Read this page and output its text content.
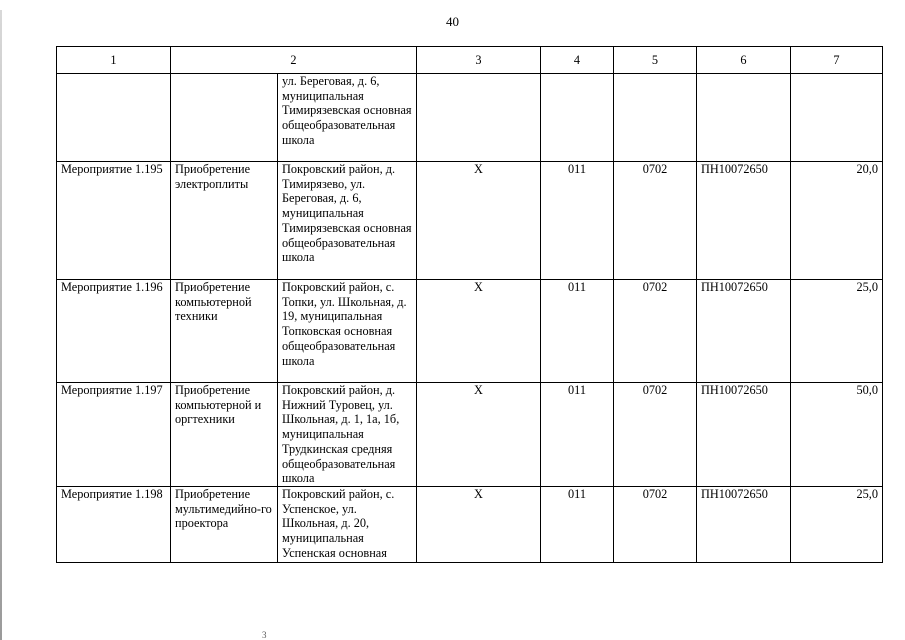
40
1	2		3	4	5	6	7
		ул. Береговая, д. 6, муниципальная Тимирязевская основная общеобразовательная школа					
Мероприятие 1.195	Приобретение электроплиты	Покровский район, д. Тимирязево, ул. Береговая, д. 6, муниципальная Тимирязевская основная общеобразовательная школа	Х	011	0702	ПН10072650	20,0
Мероприятие 1.196	Приобретение компьютерной техники	Покровский район, с. Топки, ул. Школьная, д. 19, муниципальная Топковская основная общеобразовательная школа	Х	011	0702	ПН10072650	25,0
Мероприятие 1.197	Приобретение компьютерной и оргтехники	Покровский район, д. Нижний Туровец, ул. Школьная, д. 1, 1а, 1б, муниципальная Трудкинская средняя общеобразовательная школа	Х	011	0702	ПН10072650	50,0
Мероприятие 1.198	Приобретение мультимедийно-го проектора	Покровский район, с. Успенское, ул. Школьная, д. 20, муниципальная Успенская основная	Х	011	0702	ПН10072650	25,0
3
